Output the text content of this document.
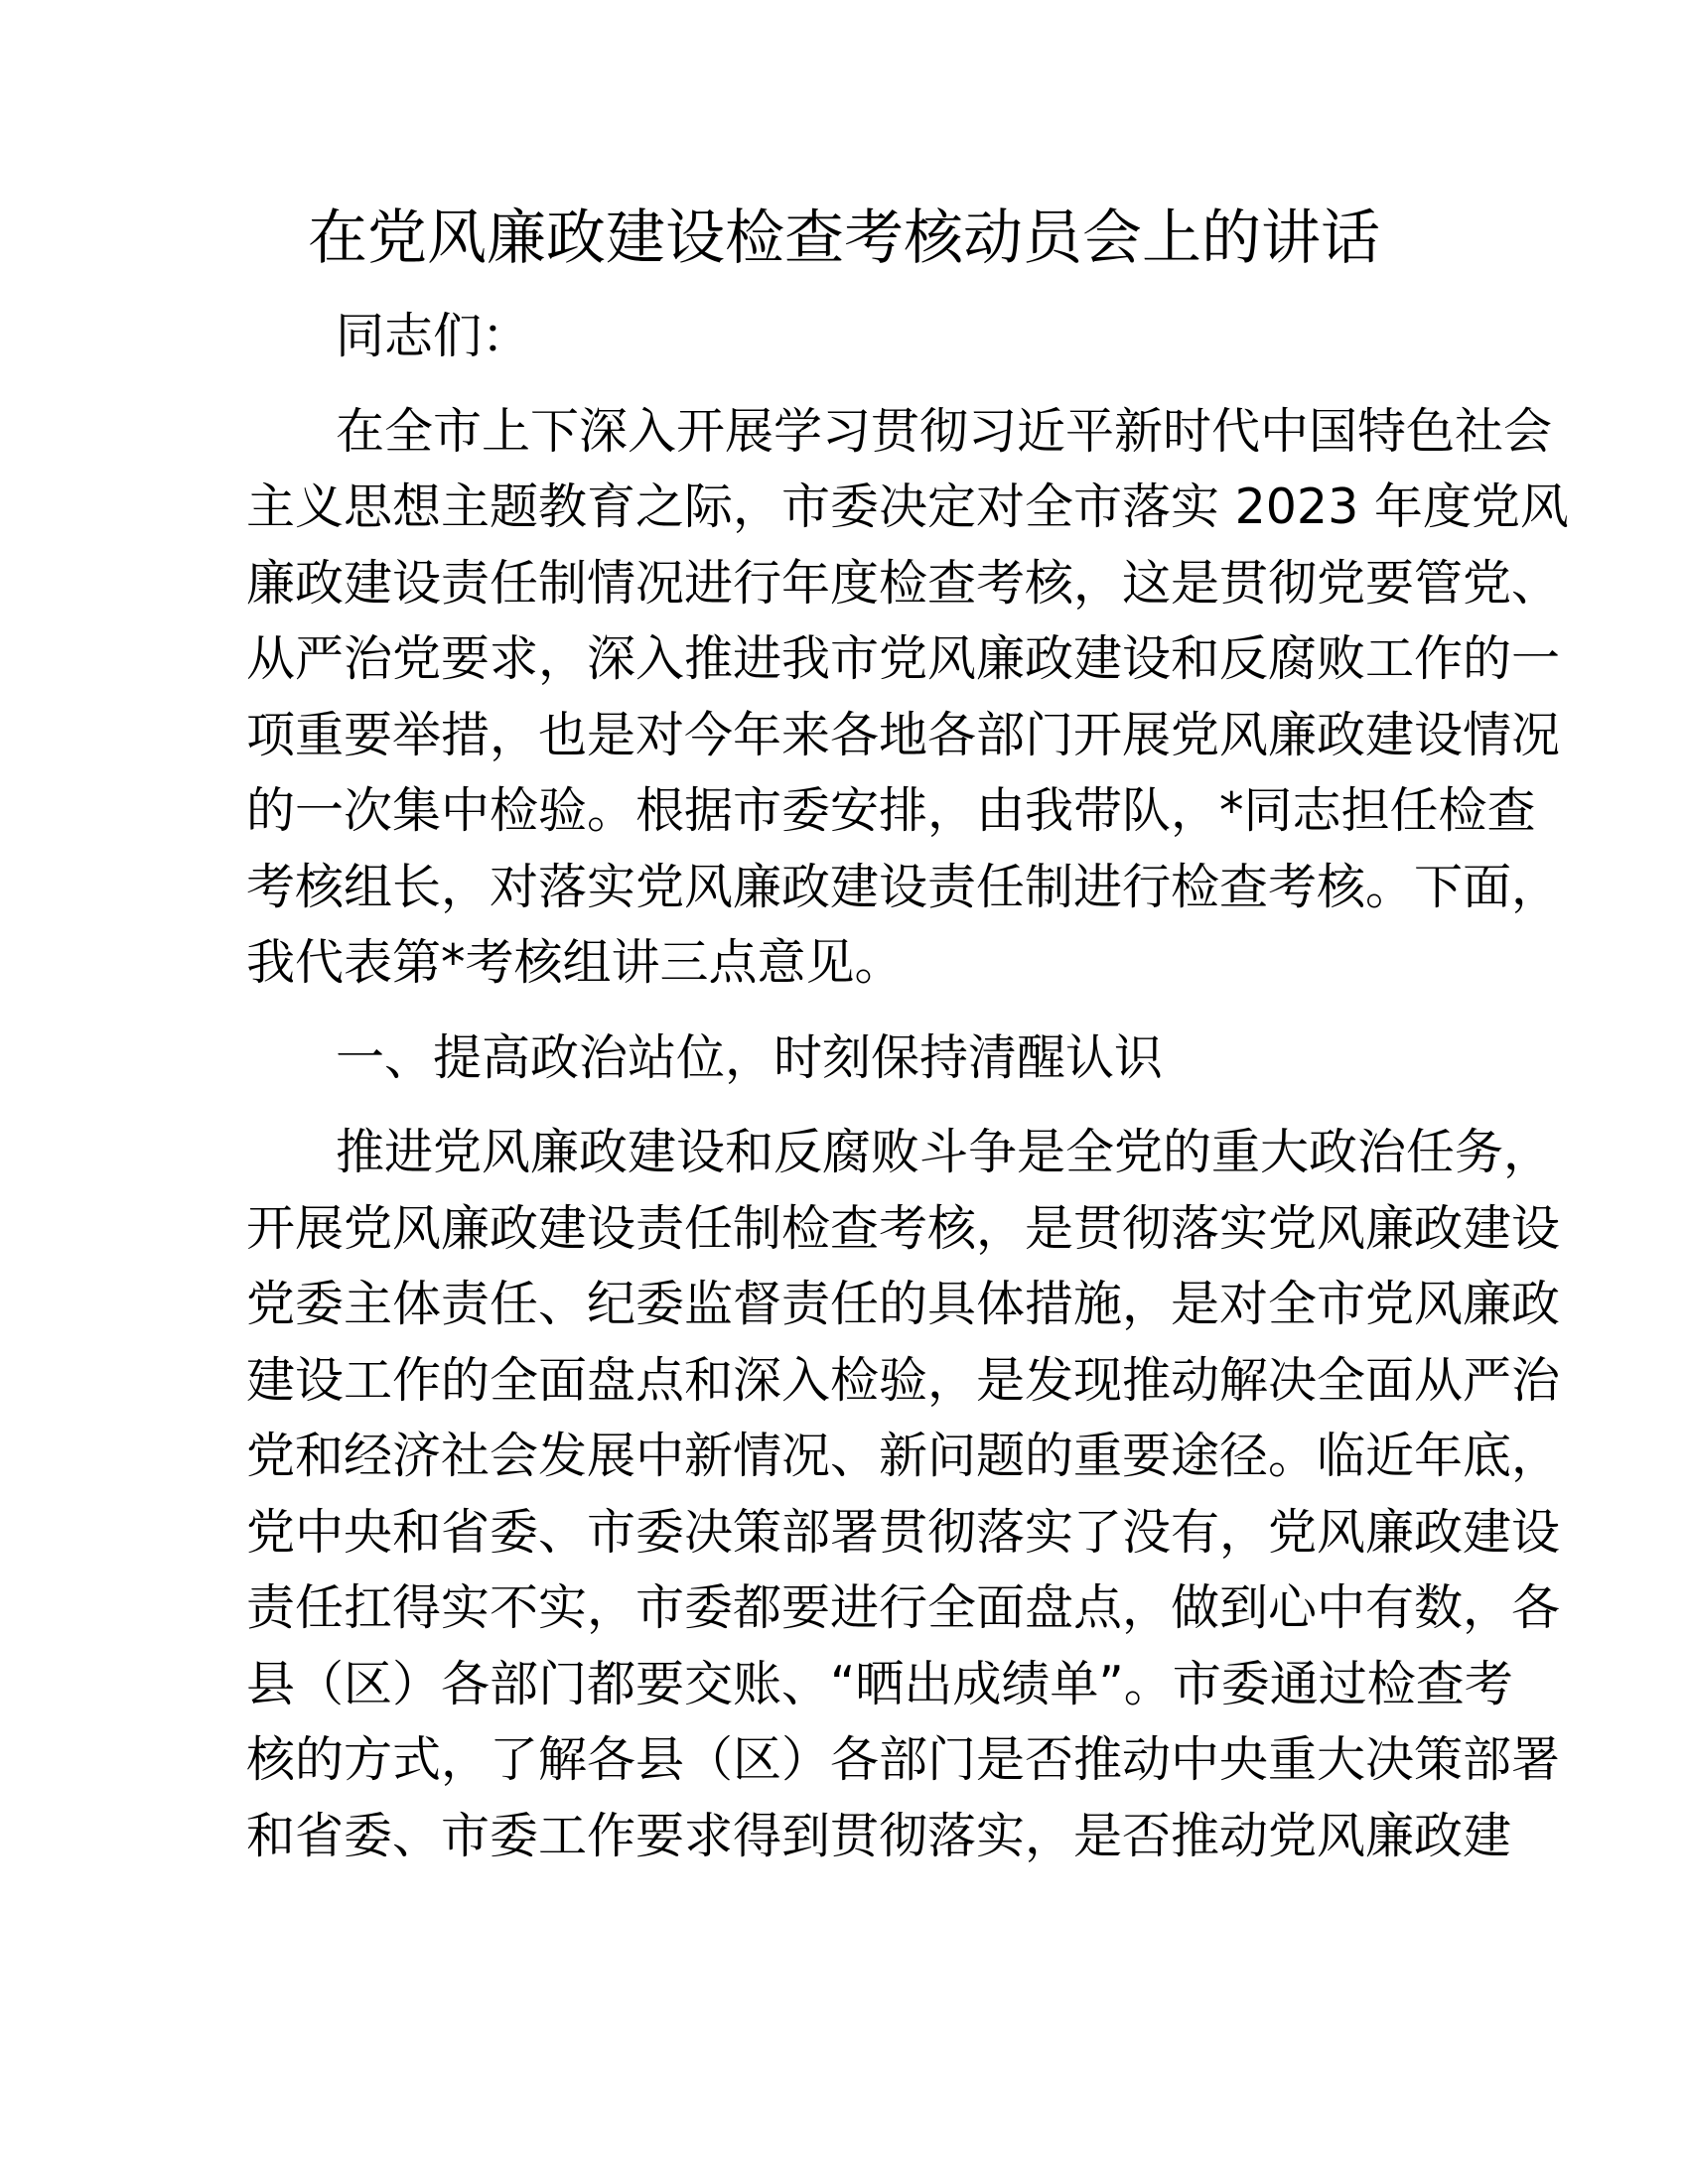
在党风廉政建设检查考核动员会上的讲话
同志们：
在全市上下深入开展学习贯彻习近平新时代中国特色社会
主义思想主题教育之际，市委决定对全市落实 2023 年度党风
廉政建设责任制情况进行年度检查考核，这是贯彻党要管党、
从严治党要求，深入推进我市党风廉政建设和反腐败工作的一
项重要举措，也是对今年来各地各部门开展党风廉政建设情况
的一次集中检验。根据市委安排，由我带队，*同志担任检查
考核组长，对落实党风廉政建设责任制进行检查考核。下面，
我代表第*考核组讲三点意见。
一、提高政治站位，时刻保持清醒认识
推进党风廉政建设和反腐败斗争是全党的重大政治任务，
开展党风廉政建设责任制检查考核，是贯彻落实党风廉政建设
党委主体责任、纪委监督责任的具体措施，是对全市党风廉政
建设工作的全面盘点和深入检验，是发现推动解决全面从严治
党和经济社会发展中新情况、新问题的重要途径。临近年底，
党中央和省委、市委决策部署贯彻落实了没有，党风廉政建设
责任扛得实不实，市委都要进行全面盘点，做到心中有数，各
县（区）各部门都要交账、“晒出成绩单”。市委通过检查考
核的方式，了解各县（区）各部门是否推动中央重大决策部署
和省委、市委工作要求得到贯彻落实，是否推动党风廉政建
